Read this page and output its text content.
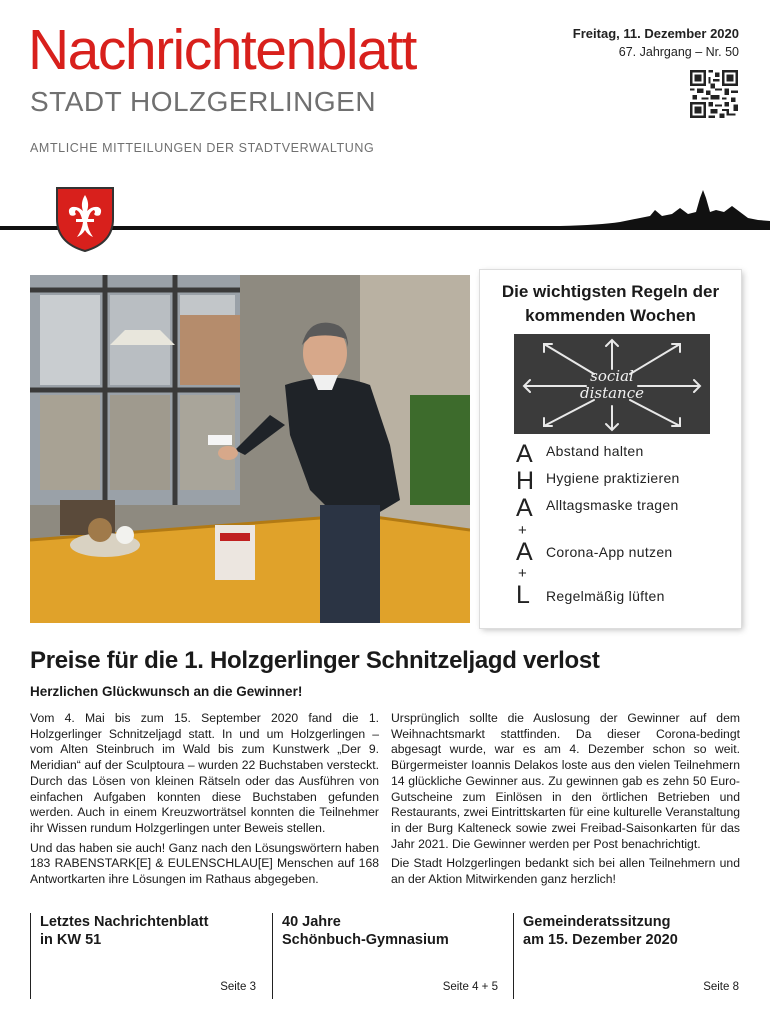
Nachrichtenblatt
STADT HOLZGERLINGEN
AMTLICHE MITTEILUNGEN DER STADTVERWALTUNG
Freitag, 11. Dezember 2020
67. Jahrgang – Nr. 50
Die wichtigsten Regeln der
kommenden Wochen
social
distance
A Abstand halten
H Hygiene praktizieren
A Alltagsmaske tragen
+
A Corona-App nutzen
+
L Regelmäßig lüften
Preise für die 1. Holzgerlinger Schnitzeljagd verlost
Herzlichen Glückwunsch an die Gewinner!

Vom 4. Mai bis zum 15. September 2020 fand die 1. Holzgerlinger Schnitzeljagd statt. In und um Holzgerlingen – vom Alten Steinbruch im Wald bis zum Kunstwerk „Der 9. Meridian“ auf der Sculptoura – wurden 22 Buchstaben versteckt. Durch das Lösen von kleinen Rätseln oder das Ausführen von einfachen Aufgaben konnten diese Buchstaben gefunden werden. Auch in einem Kreuzworträtsel konnten die Teilnehmer ihr Wissen rundum Holzgerlingen unter Beweis stellen.

Und das haben sie auch! Ganz nach den Lösungswörtern haben 183 RABENSTARK[E] & EULENSCHLAU[E] Menschen auf 168 Antwortkarten ihre Lösungen im Rathaus abgegeben.

Ursprünglich sollte die Auslosung der Gewinner auf dem Weihnachtsmarkt stattfinden. Da dieser Corona-bedingt abgesagt wurde, war es am 4. Dezember schon so weit. Bürgermeister Ioannis Delakos loste aus den vielen Teilnehmern 14 glückliche Gewinner aus. Zu gewinnen gab es zehn 50 Euro-Gutscheine zum Einlösen in den örtlichen Betrieben und Restaurants, zwei Eintrittskarten für eine kulturelle Veranstaltung in der Burg Kalteneck sowie zwei Freibad-Saisonkarten für das Jahr 2021. Die Gewinner werden per Post benachrichtigt.

Die Stadt Holzgerlingen bedankt sich bei allen Teilnehmern und an der Aktion Mitwirkenden ganz herzlich!

Letztes Nachrichtenblatt
in KW 51
Seite 3
40 Jahre
Schönbuch-Gymnasium
Seite 4 + 5
Gemeinderatssitzung
am 15. Dezember 2020
Seite 8
